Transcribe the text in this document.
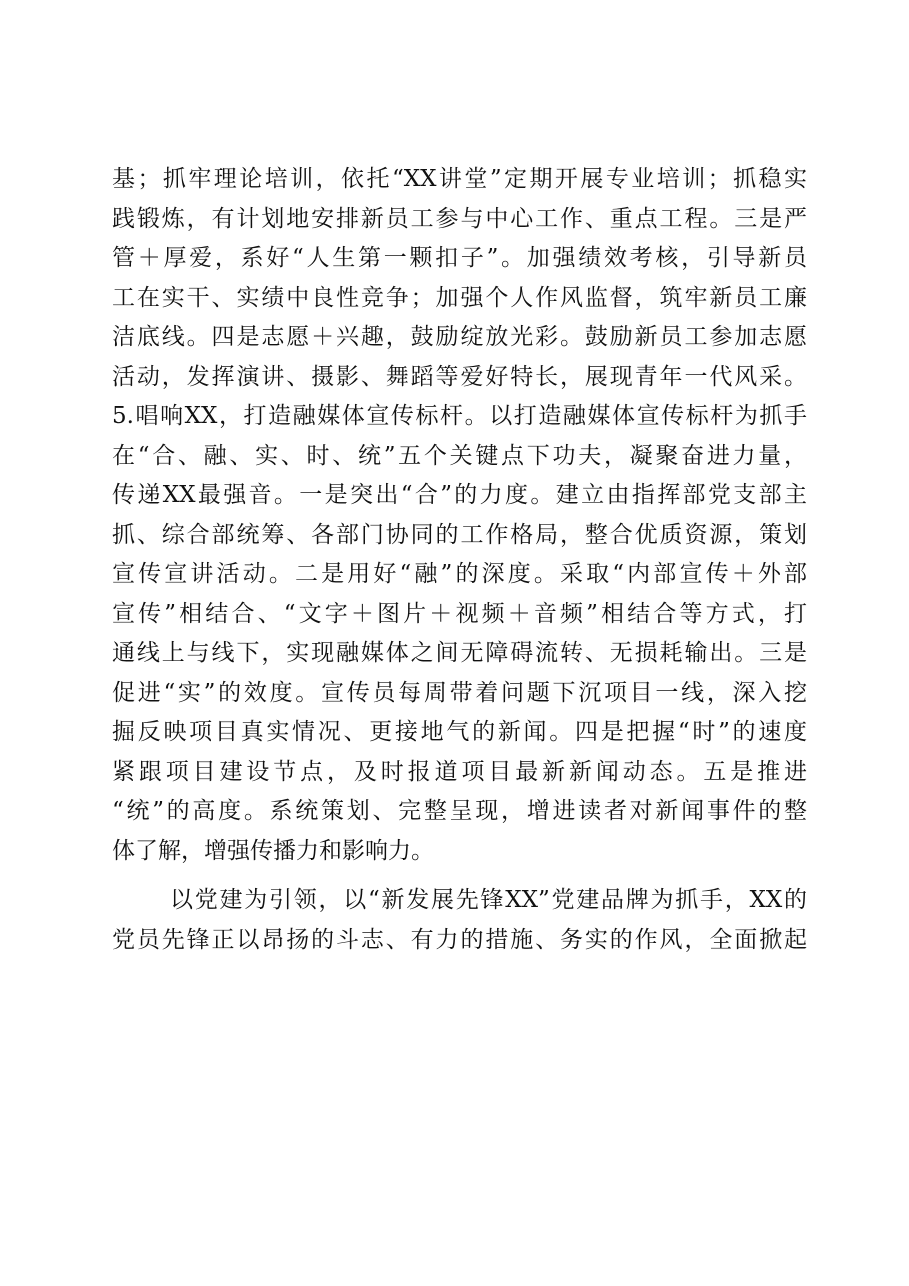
基；抓牢理论培训，依托“XX讲堂”定期开展专业培训；抓稳实
践锻炼，有计划地安排新员工参与中心工作、重点工程。三是严
管＋厚爱，系好“人生第一颗扣子”。加强绩效考核，引导新员
工在实干、实绩中良性竞争；加强个人作风监督，筑牢新员工廉
洁底线。四是志愿＋兴趣，鼓励绽放光彩。鼓励新员工参加志愿
活动，发挥演讲、摄影、舞蹈等爱好特长，展现青年一代风采。
5.唱响XX，打造融媒体宣传标杆。以打造融媒体宣传标杆为抓手
在“合、融、实、时、统”五个关键点下功夫，凝聚奋进力量，
传递XX最强音。一是突出“合”的力度。建立由指挥部党支部主
抓、综合部统筹、各部门协同的工作格局，整合优质资源，策划
宣传宣讲活动。二是用好“融”的深度。采取“内部宣传＋外部
宣传”相结合、“文字＋图片＋视频＋音频”相结合等方式，打
通线上与线下，实现融媒体之间无障碍流转、无损耗输出。三是
促进“实”的效度。宣传员每周带着问题下沉项目一线，深入挖
掘反映项目真实情况、更接地气的新闻。四是把握“时”的速度
紧跟项目建设节点，及时报道项目最新新闻动态。五是推进
“统”的高度。系统策划、完整呈现，增进读者对新闻事件的整
体了解，增强传播力和影响力。
以党建为引领，以“新发展先锋XX”党建品牌为抓手，XX的
党员先锋正以昂扬的斗志、有力的措施、务实的作风，全面掀起
